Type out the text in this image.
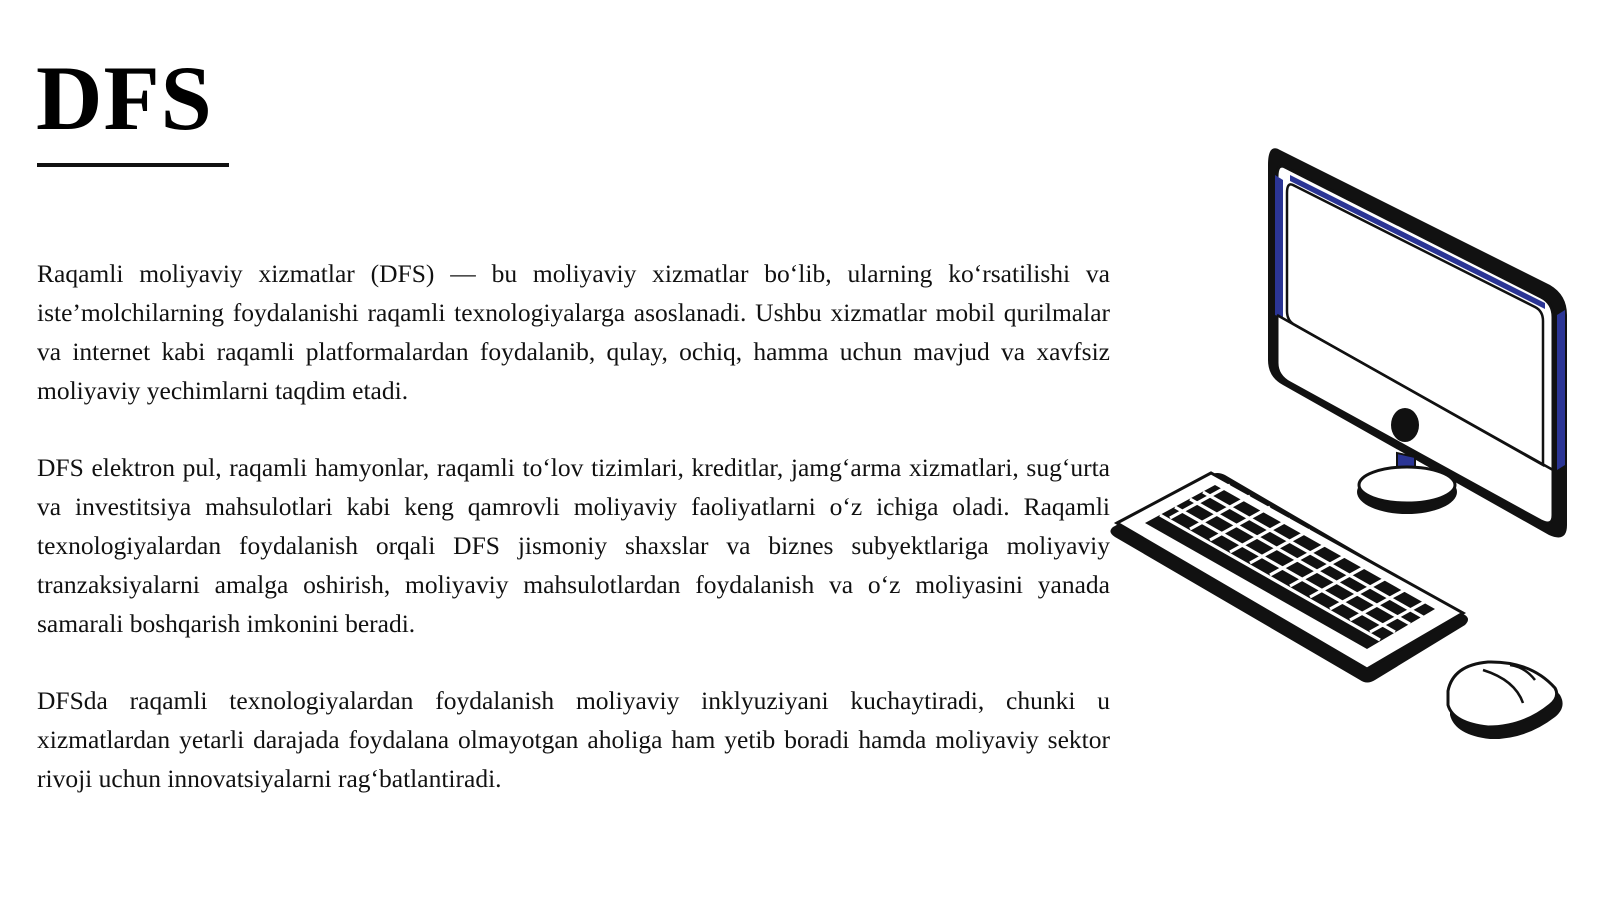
DFS

Raqamli moliyaviy xizmatlar (DFS) — bu moliyaviy xizmatlar bo‘lib, ularning ko‘rsatilishi va iste’molchilarning foydalanishi raqamli texnologiyalarga asoslanadi. Ushbu xizmatlar mobil qurilmalar va internet kabi raqamli platformalardan foydalanib, qulay, ochiq, hamma uchun mavjud va xavfsiz moliyaviy yechimlarni taqdim etadi.

DFS elektron pul, raqamli hamyonlar, raqamli to‘lov tizimlari, kreditlar, jamg‘arma xizmatlari, sug‘urta va investitsiya mahsulotlari kabi keng qamrovli moliyaviy faoliyatlarni o‘z ichiga oladi. Raqamli texnologiyalardan foydalanish orqali DFS jismoniy shaxslar va biznes subyektlariga moliyaviy tranzaksiyalarni amalga oshirish, moliyaviy mahsulotlardan foydalanish va o‘z moliyasini yanada samarali boshqarish imkonini beradi.

DFSda raqamli texnologiyalardan foydalanish moliyaviy inklyuziyani kuchaytiradi, chunki u xizmatlardan yetarli darajada foydalana olmayotgan aholiga ham yetib boradi hamda moliyaviy sektor rivoji uchun innovatsiyalarni rag‘batlantiradi.
